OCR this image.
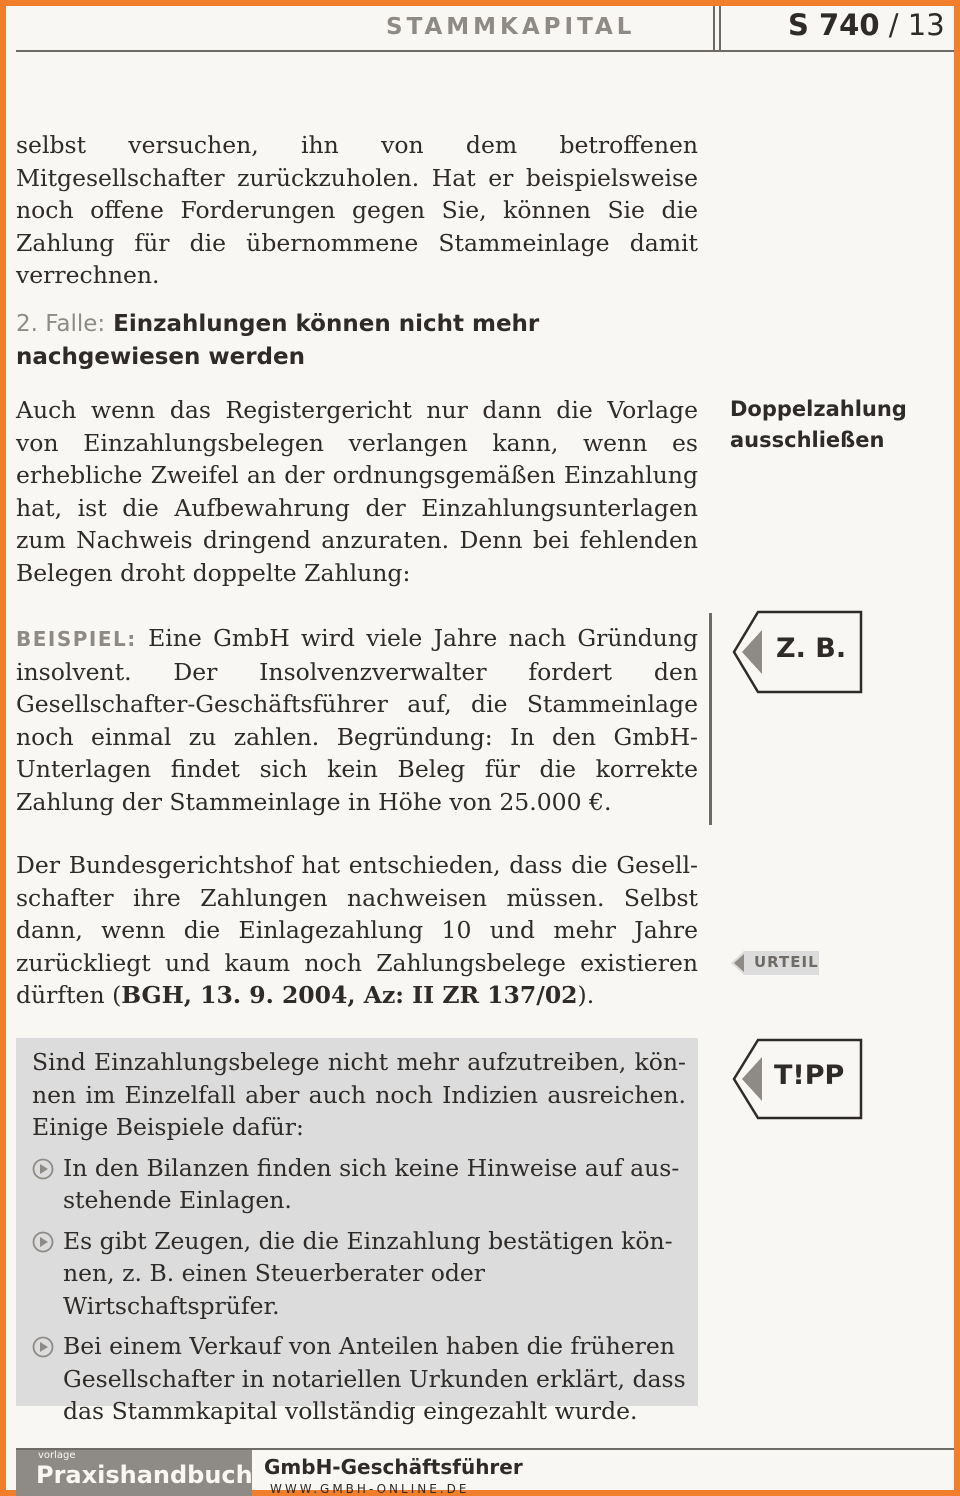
STAMMKAPITAL	S 740 / 13
selbst versuchen, ihn von dem betroffenen Mitgesellschafter zurückzuholen. Hat er beispielsweise noch offene Forderungen gegen Sie, können Sie die Zahlung für die übernommene Stammeinlage damit verrechnen.
2. Falle: Einzahlungen können nicht mehr nachgewiesen werden
Doppelzahlung ausschließen
Auch wenn das Registergericht nur dann die Vorlage von Einzahlungsbelegen verlangen kann, wenn es erhebliche Zweifel an der ordnungsgemäßen Einzahlung hat, ist die Aufbewahrung der Einzahlungsunterlagen zum Nachweis dringend anzuraten. Denn bei fehlenden Belegen droht doppelte Zahlung:
BEISPIEL: Eine GmbH wird viele Jahre nach Gründung insolvent. Der Insolvenzverwalter fordert den Gesellschafter-Geschäftsführer auf, die Stammeinlage noch einmal zu zahlen. Begründung: In den GmbH-Unterlagen findet sich kein Beleg für die korrekte Zahlung der Stammeinlage in Höhe von 25.000 €.
Z. B.
Der Bundesgerichtshof hat entschieden, dass die Gesellschafter ihre Zahlungen nachweisen müssen. Selbst dann, wenn die Einlagezahlung 10 und mehr Jahre zurückliegt und kaum noch Zahlungsbelege existieren dürften (BGH, 13. 9. 2004, Az: II ZR 137/02).
URTEIL
Sind Einzahlungsbelege nicht mehr aufzutreiben, können im Einzelfall aber auch noch Indizien ausreichen. Einige Beispiele dafür:
In den Bilanzen finden sich keine Hinweise auf ausstehende Einlagen.
Es gibt Zeugen, die die Einzahlung bestätigen können, z. B. einen Steuerberater oder Wirtschaftsprüfer.
Bei einem Verkauf von Anteilen haben die früheren Gesellschafter in notariellen Urkunden erklärt, dass das Stammkapital vollständig eingezahlt wurde.
T!PP
vorlage
Praxishandbuch GmbH-Geschäftsführer
WWW.GMBH-ONLINE.DE
